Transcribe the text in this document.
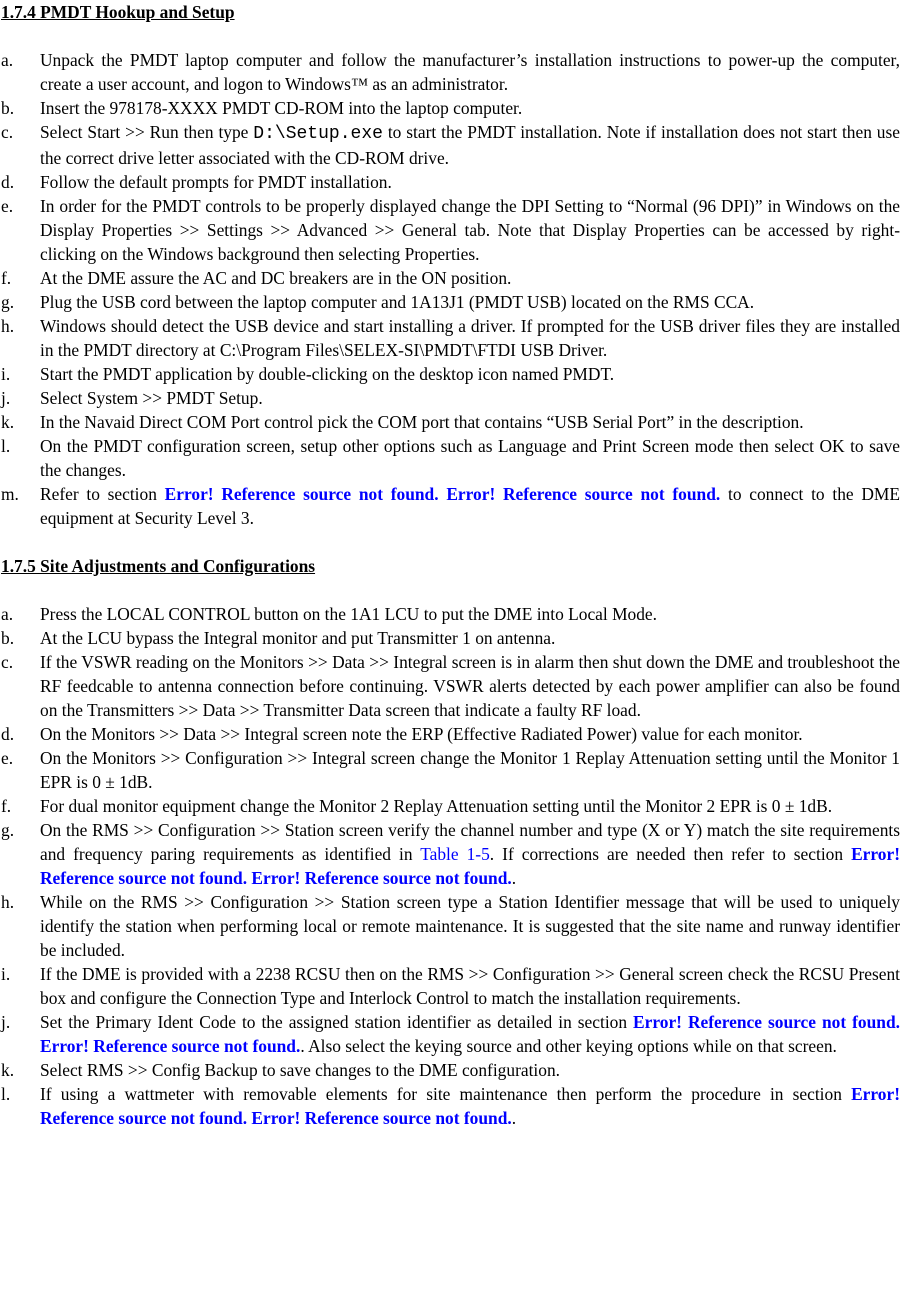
1.7.4 PMDT Hookup and Setup
a. Unpack the PMDT laptop computer and follow the manufacturer’s installation instructions to power-up the computer, create a user account, and logon to Windows™ as an administrator.
b. Insert the 978178-XXXX PMDT CD-ROM into the laptop computer.
c. Select Start >> Run then type D:\Setup.exe to start the PMDT installation. Note if installation does not start then use the correct drive letter associated with the CD-ROM drive.
d. Follow the default prompts for PMDT installation.
e. In order for the PMDT controls to be properly displayed change the DPI Setting to “Normal (96 DPI)” in Windows on the Display Properties >> Settings >> Advanced >> General tab. Note that Display Properties can be accessed by right-clicking on the Windows background then selecting Properties.
f. At the DME assure the AC and DC breakers are in the ON position.
g. Plug the USB cord between the laptop computer and 1A13J1 (PMDT USB) located on the RMS CCA.
h. Windows should detect the USB device and start installing a driver. If prompted for the USB driver files they are installed in the PMDT directory at C:\Program Files\SELEX-SI\PMDT\FTDI USB Driver.
i. Start the PMDT application by double-clicking on the desktop icon named PMDT.
j. Select System >> PMDT Setup.
k. In the Navaid Direct COM Port control pick the COM port that contains “USB Serial Port” in the description.
l. On the PMDT configuration screen, setup other options such as Language and Print Screen mode then select OK to save the changes.
m. Refer to section Error! Reference source not found. Error! Reference source not found. to connect to the DME equipment at Security Level 3.
1.7.5 Site Adjustments and Configurations
a. Press the LOCAL CONTROL button on the 1A1 LCU to put the DME into Local Mode.
b. At the LCU bypass the Integral monitor and put Transmitter 1 on antenna.
c. If the VSWR reading on the Monitors >> Data >> Integral screen is in alarm then shut down the DME and troubleshoot the RF feedcable to antenna connection before continuing. VSWR alerts detected by each power amplifier can also be found on the Transmitters >> Data >> Transmitter Data screen that indicate a faulty RF load.
d. On the Monitors >> Data >> Integral screen note the ERP (Effective Radiated Power) value for each monitor.
e. On the Monitors >> Configuration >> Integral screen change the Monitor 1 Replay Attenuation setting until the Monitor 1 EPR is 0 ± 1dB.
f. For dual monitor equipment change the Monitor 2 Replay Attenuation setting until the Monitor 2 EPR is 0 ± 1dB.
g. On the RMS >> Configuration >> Station screen verify the channel number and type (X or Y) match the site requirements and frequency paring requirements as identified in Table 1-5. If corrections are needed then refer to section Error! Reference source not found. Error! Reference source not found..
h. While on the RMS >> Configuration >> Station screen type a Station Identifier message that will be used to uniquely identify the station when performing local or remote maintenance. It is suggested that the site name and runway identifier be included.
i. If the DME is provided with a 2238 RCSU then on the RMS >> Configuration >> General screen check the RCSU Present box and configure the Connection Type and Interlock Control to match the installation requirements.
j. Set the Primary Ident Code to the assigned station identifier as detailed in section Error! Reference source not found. Error! Reference source not found.. Also select the keying source and other keying options while on that screen.
k. Select RMS >> Config Backup to save changes to the DME configuration.
l. If using a wattmeter with removable elements for site maintenance then perform the procedure in section Error! Reference source not found. Error! Reference source not found..
